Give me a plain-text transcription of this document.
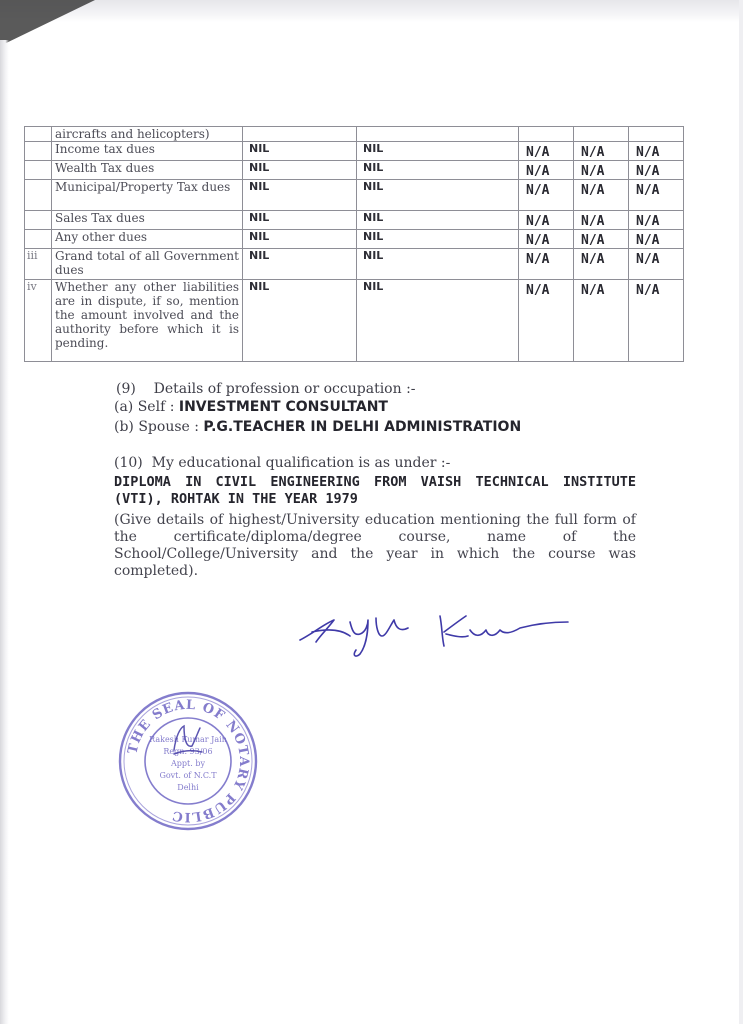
	aircrafts and helicopters)					
	Income tax dues	NIL	NIL	N/A	N/A	N/A
	Wealth Tax dues	NIL	NIL	N/A	N/A	N/A
	Municipal/Property Tax dues	NIL	NIL	N/A	N/A	N/A
	Sales Tax dues	NIL	NIL	N/A	N/A	N/A
	Any other dues	NIL	NIL	N/A	N/A	N/A
iii	Grand total of all Government dues	NIL	NIL	N/A	N/A	N/A
iv	Whether any other liabilities are in dispute, if so, mention the amount involved and the authority before which it is pending.	NIL	NIL	N/A	N/A	N/A
(9)    Details of profession or occupation :-
(a) Self : INVESTMENT CONSULTANT
(b) Spouse : P.G.TEACHER IN DELHI ADMINISTRATION
(10)  My educational qualification is as under :-
DIPLOMA IN CIVIL ENGINEERING FROM VAISH TECHNICAL INSTITUTE (VTI), ROHTAK IN THE YEAR 1979
(Give details of highest/University education mentioning the full form of the certificate/diploma/degree course, name of the School/College/University and the year in which the course was completed).
THE SEAL OF NOTARY PUBLIC
Rakesh Kumar Jain
Regn. 93/06
Appt. by
Govt. of N.C.T
Delhi
